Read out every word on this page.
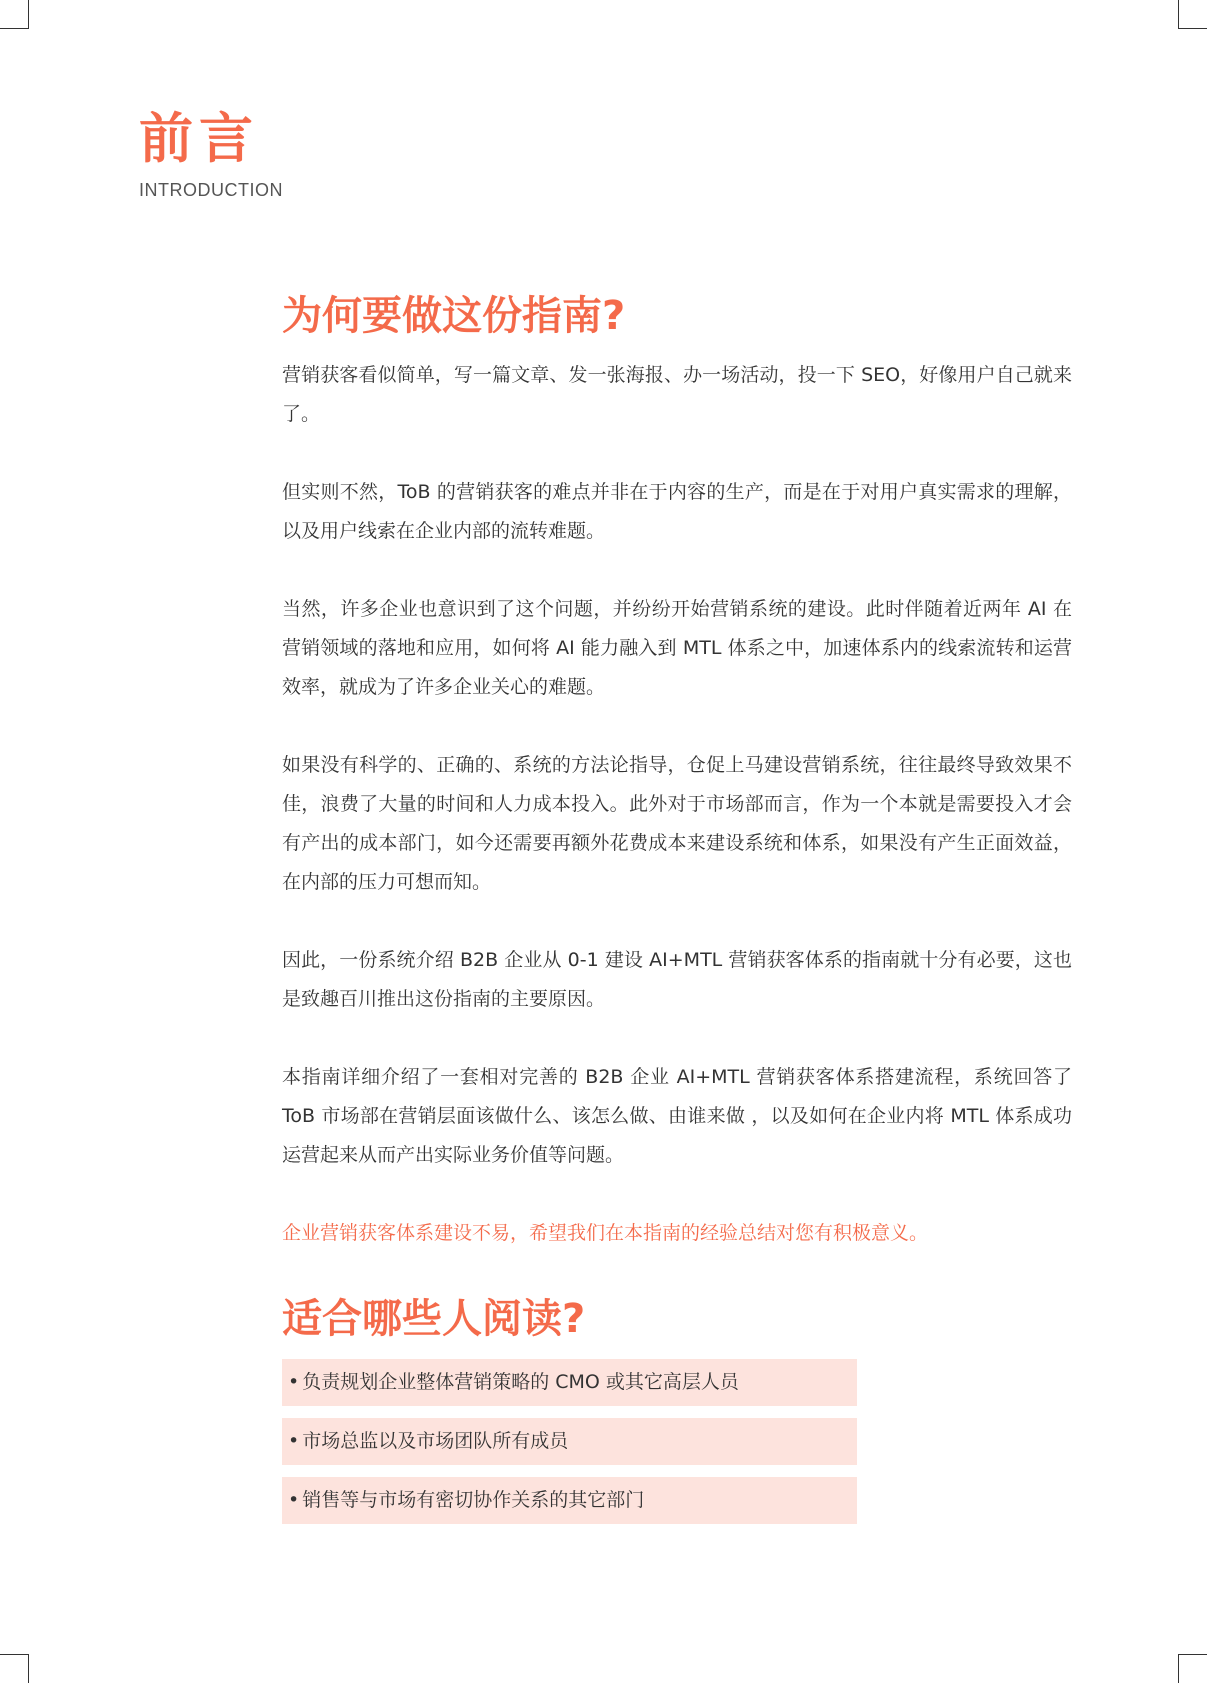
前言
INTRODUCTION
为何要做这份指南?

营销获客看似简单，写一篇文章、发一张海报、办一场活动，投一下 SEO，好像用户自己就来了。

但实则不然，ToB 的营销获客的难点并非在于内容的生产，而是在于对用户真实需求的理解，以及用户线索在企业内部的流转难题。

当然，许多企业也意识到了这个问题，并纷纷开始营销系统的建设。此时伴随着近两年 AI 在营销领域的落地和应用，如何将 AI 能力融入到 MTL 体系之中，加速体系内的线索流转和运营效率，就成为了许多企业关心的难题。

如果没有科学的、正确的、系统的方法论指导，仓促上马建设营销系统，往往最终导致效果不佳，浪费了大量的时间和人力成本投入。此外对于市场部而言，作为一个本就是需要投入才会有产出的成本部门，如今还需要再额外花费成本来建设系统和体系，如果没有产生正面效益，在内部的压力可想而知。

因此，一份系统介绍 B2B 企业从 0-1 建设 AI+MTL 营销获客体系的指南就十分有必要，这也是致趣百川推出这份指南的主要原因。

本指南详细介绍了一套相对完善的 B2B 企业 AI+MTL 营销获客体系搭建流程，系统回答了 ToB 市场部在营销层面该做什么、该怎么做、由谁来做 ，以及如何在企业内将 MTL 体系成功运营起来从而产出实际业务价值等问题。

企业营销获客体系建设不易，希望我们在本指南的经验总结对您有积极意义。

适合哪些人阅读?
• 负责规划企业整体营销策略的 CMO 或其它高层人员
• 市场总监以及市场团队所有成员
• 销售等与市场有密切协作关系的其它部门
